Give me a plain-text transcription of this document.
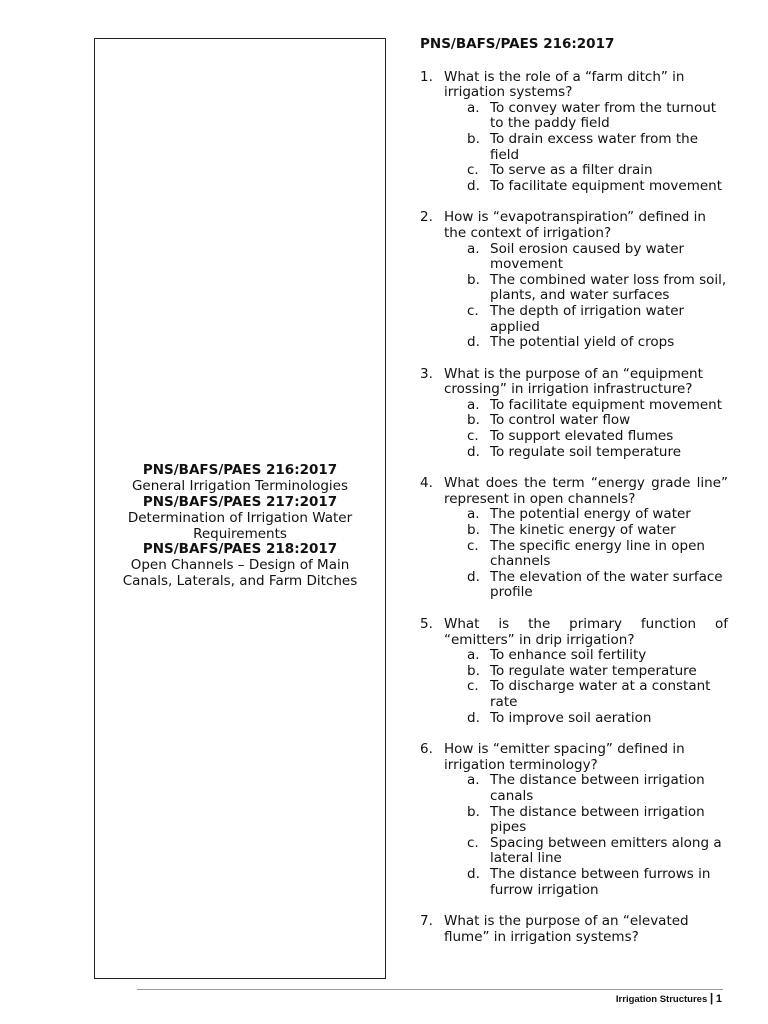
PNS/BAFS/PAES 216:2017
General Irrigation Terminologies
PNS/BAFS/PAES 217:2017
Determination of Irrigation Water Requirements
PNS/BAFS/PAES 218:2017
Open Channels – Design of Main Canals, Laterals, and Farm Ditches
PNS/BAFS/PAES 216:2017
1. What is the role of a “farm ditch” in irrigation systems?
a. To convey water from the turnout to the paddy field
b. To drain excess water from the field
c. To serve as a filter drain
d. To facilitate equipment movement
2. How is “evapotranspiration” defined in the context of irrigation?
a. Soil erosion caused by water movement
b. The combined water loss from soil, plants, and water surfaces
c. The depth of irrigation water applied
d. The potential yield of crops
3. What is the purpose of an “equipment crossing” in irrigation infrastructure?
a. To facilitate equipment movement
b. To control water flow
c. To support elevated flumes
d. To regulate soil temperature
4. What does the term “energy grade line” represent in open channels?
a. The potential energy of water
b. The kinetic energy of water
c. The specific energy line in open channels
d. The elevation of the water surface profile
5. What is the primary function of “emitters” in drip irrigation?
a. To enhance soil fertility
b. To regulate water temperature
c. To discharge water at a constant rate
d. To improve soil aeration
6. How is “emitter spacing” defined in irrigation terminology?
a. The distance between irrigation canals
b. The distance between irrigation pipes
c. Spacing between emitters along a lateral line
d. The distance between furrows in furrow irrigation
7. What is the purpose of an “elevated flume” in irrigation systems?
Irrigation Structures | 1
